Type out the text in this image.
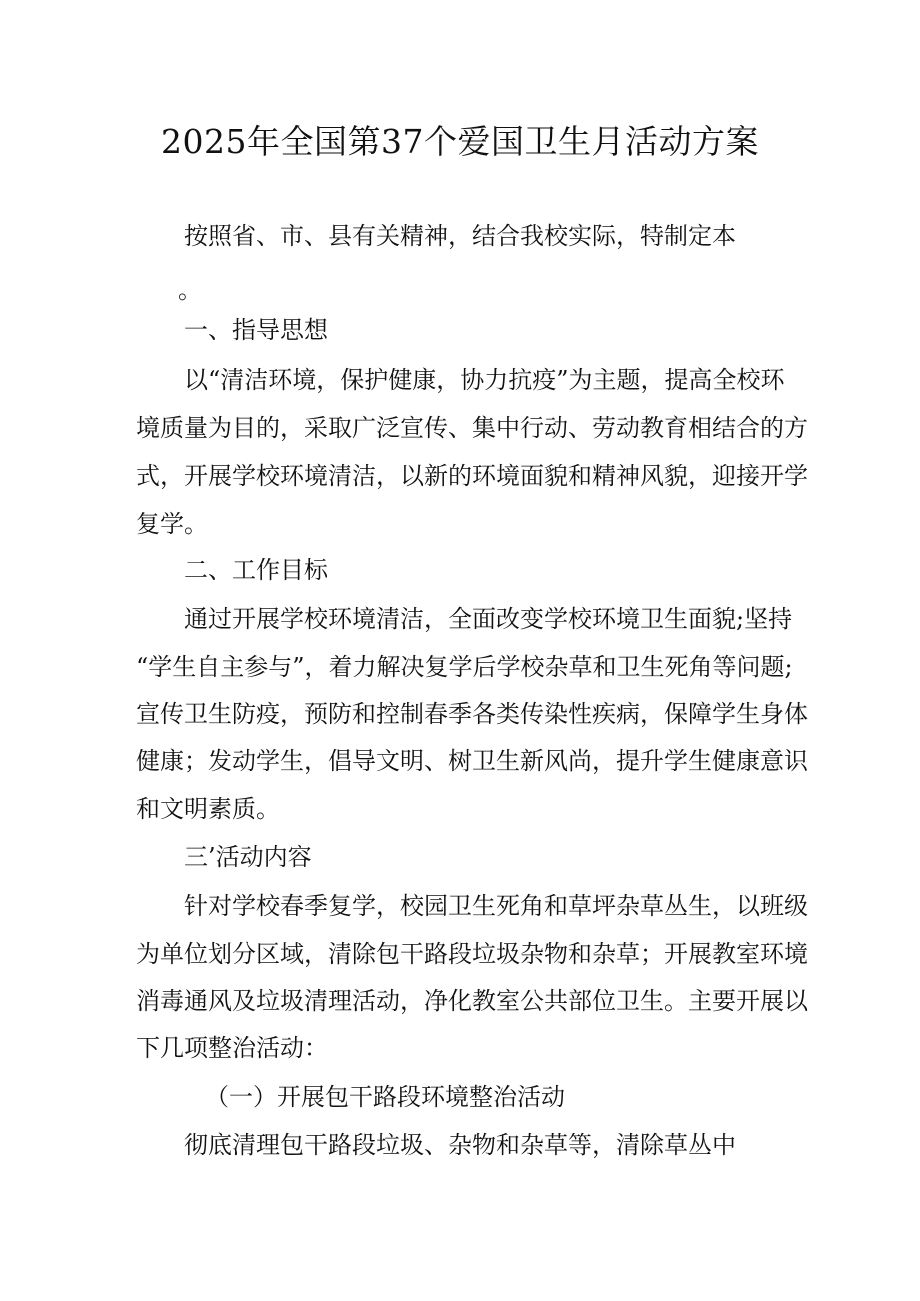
2025年全国第37个爱国卫生月活动方案

按照省、市、县有关精神，结合我校实际，特制定本

。

一、指导思想

以“清洁环境，保护健康，协力抗疫”为主题，提高全校环

境质量为目的，采取广泛宣传、集中行动、劳动教育相结合的方

式，开展学校环境清洁，以新的环境面貌和精神风貌，迎接开学

复学。

二、工作目标

通过开展学校环境清洁，全面改变学校环境卫生面貌;坚持

“学生自主参与”，着力解决复学后学校杂草和卫生死角等问题;

宣传卫生防疫，预防和控制春季各类传染性疾病，保障学生身体

健康；发动学生，倡导文明、树卫生新风尚，提升学生健康意识

和文明素质。

三’活动内容

针对学校春季复学，校园卫生死角和草坪杂草丛生，以班级

为单位划分区域，清除包干路段垃圾杂物和杂草；开展教室环境

消毒通风及垃圾清理活动，净化教室公共部位卫生。主要开展以

下几项整治活动：

（一）开展包干路段环境整治活动

彻底清理包干路段垃圾、杂物和杂草等，清除草丛中
